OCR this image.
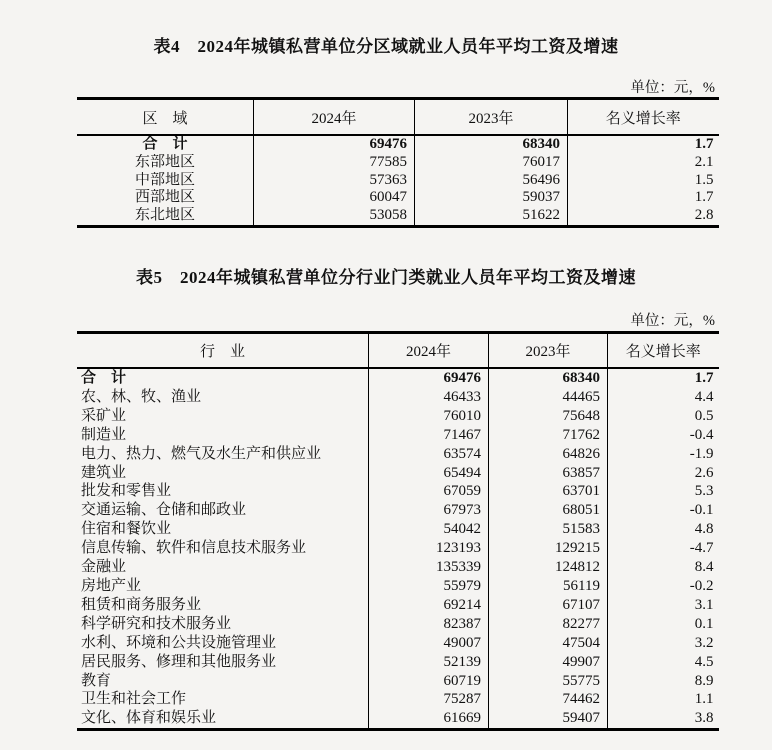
表4　2024年城镇私营单位分区域就业人员年平均工资及增速
单位：元，%
区　域	2024年	2023年	名义增长率
合　计	69476	68340	1.7
东部地区	77585	76017	2.1
中部地区	57363	56496	1.5
西部地区	60047	59037	1.7
东北地区	53058	51622	2.8
表5　2024年城镇私营单位分行业门类就业人员年平均工资及增速
单位：元，%
行　业	2024年	2023年	名义增长率
合　计	69476	68340	1.7
农、林、牧、渔业	46433	44465	4.4
采矿业	76010	75648	0.5
制造业	71467	71762	-0.4
电力、热力、燃气及水生产和供应业	63574	64826	-1.9
建筑业	65494	63857	2.6
批发和零售业	67059	63701	5.3
交通运输、仓储和邮政业	67973	68051	-0.1
住宿和餐饮业	54042	51583	4.8
信息传输、软件和信息技术服务业	123193	129215	-4.7
金融业	135339	124812	8.4
房地产业	55979	56119	-0.2
租赁和商务服务业	69214	67107	3.1
科学研究和技术服务业	82387	82277	0.1
水利、环境和公共设施管理业	49007	47504	3.2
居民服务、修理和其他服务业	52139	49907	4.5
教育	60719	55775	8.9
卫生和社会工作	75287	74462	1.1
文化、体育和娱乐业	61669	59407	3.8
